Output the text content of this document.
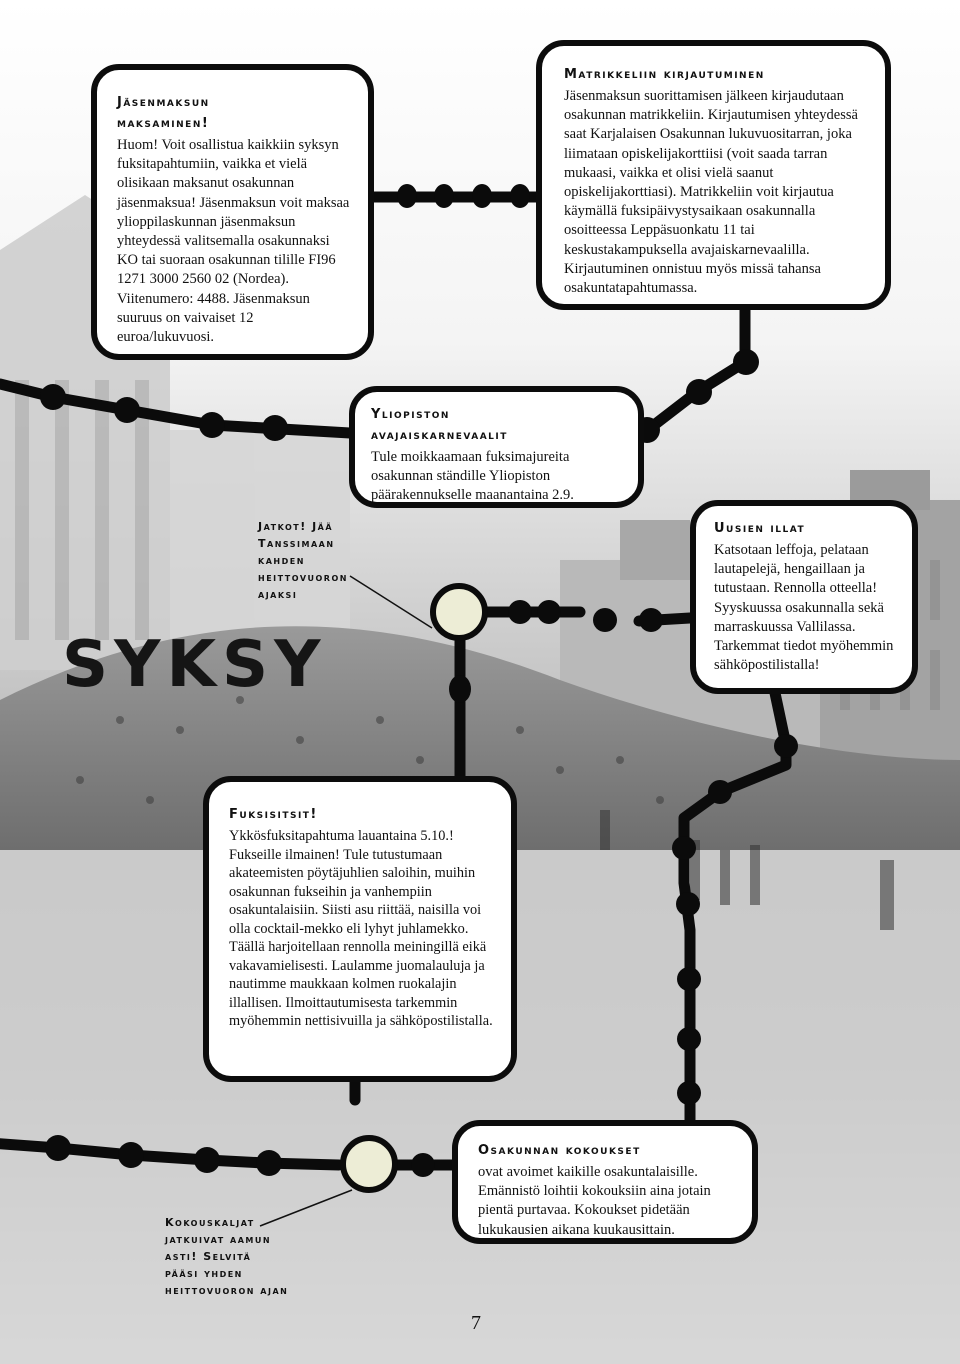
Jäsenmaksun maksaminen!

Huom! Voit osallistua kaikkiin syksyn fuksitapahtumiin, vaikka et vielä olisikaan maksanut osakunnan jäsenmaksua! Jäsenmaksun voit maksaa ylioppilaskunnan jäsenmaksun yhteydessä valitsemalla osakunnaksi KO tai suoraan osakunnan tilille FI96 1271 3000 2560 02 (Nordea). Viitenumero: 4488. Jäsenmaksun suuruus on vaivaiset 12 euroa/lukuvuosi.

Matrikkeliin kirjautuminen

Jäsenmaksun suorittamisen jälkeen kirjaudutaan osakunnan matrikkeliin. Kirjautumisen yhteydessä saat Karjalaisen Osakunnan lukuvuositarran, joka liimataan opiskelijakorttiisi (voit saada tarran mukaasi, vaikka et olisi vielä saanut opiskelijakorttiasi). Matrikkeliin voit kirjautua käymällä fuksipäivystysaikaan osakunnalla osoitteessa Leppäsuonkatu 11 tai keskustakampuksella avajaiskarnevaalilla. Kirjautuminen onnistuu myös missä tahansa osakuntatapahtumassa.

Yliopiston avajaiskarnevaalit

Tule moikkaamaan fuksimajureita osakunnan ständille Yliopiston päärakennukselle maanantaina 2.9.

Uusien illat

Katsotaan leffoja, pelataan lautapelejä, hengaillaan ja tutustaan. Rennolla otteella! Syyskuussa osakunnalla sekä marraskuussa Vallilassa. Tarkemmat tiedot myöhemmin sähköpostilistalla!

Fuksisitsit!

Ykkösfuksitapahtuma lauantaina 5.10.! Fukseille ilmainen! Tule tutustumaan akateemisten pöytäjuhlien saloihin, muihin osakunnan fukseihin ja vanhempiin osakuntalaisiin. Siisti asu riittää, naisilla voi olla cocktail-mekko eli lyhyt juhlamekko. Täällä harjoitellaan rennolla meiningillä eikä vakavamielisesti. Laulamme juomalauluja ja nautimme maukkaan kolmen ruokalajin illallisen. Ilmoittautumisesta tarkemmin myöhemmin nettisivuilla ja sähköpostilistalla.

Osakunnan kokoukset

ovat avoimet kaikille osakuntalaisille. Emännistö loihtii kokouksiin aina jotain pientä purtavaa. Kokoukset pidetään lukukausien aikana kuukausittain.

Jatkot! Jää
Tanssimaan
kahden
heittovuoron
ajaksi
SYKSY
Kokouskaljat
jatkuivat aamun
asti! Selvitä
pääsi yhden
heittovuoron ajan
7
